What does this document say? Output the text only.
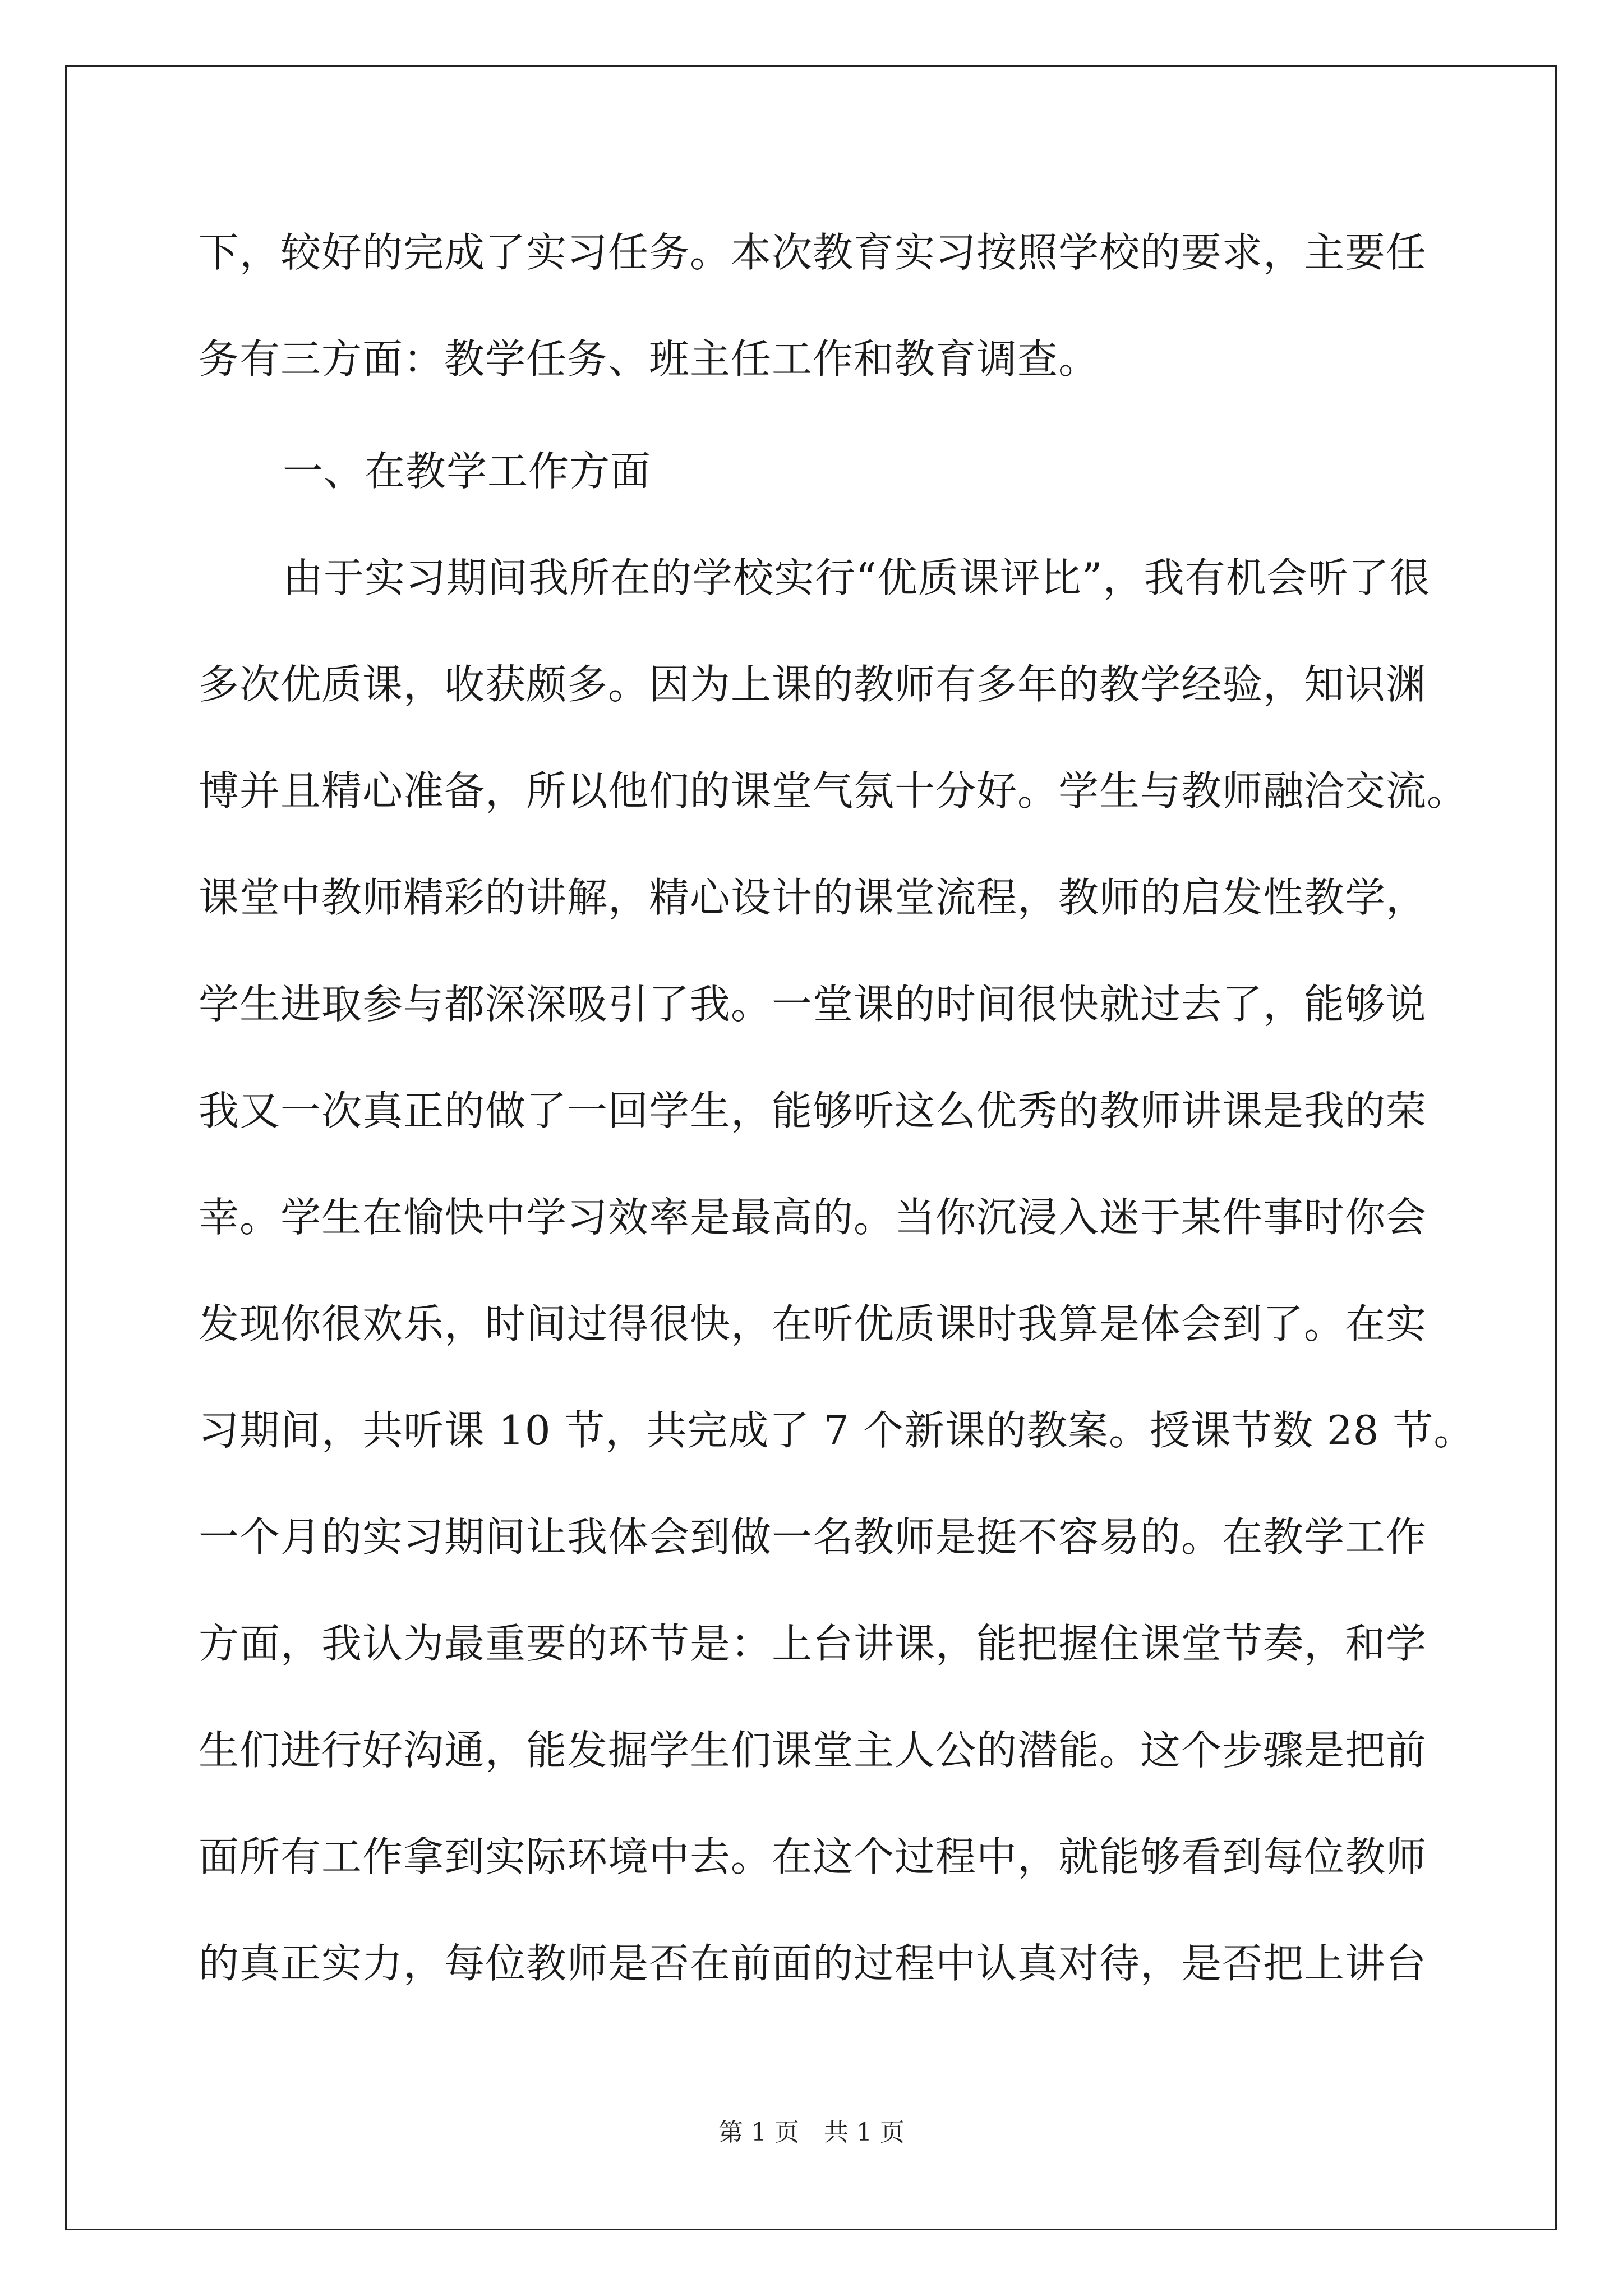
下，较好的完成了实习任务。本次教育实习按照学校的要求，主要任
务有三方面：教学任务、班主任工作和教育调查。
一、在教学工作方面
由于实习期间我所在的学校实行“优质课评比”，我有机会听了很
多次优质课，收获颇多。因为上课的教师有多年的教学经验，知识渊
博并且精心准备，所以他们的课堂气氛十分好。学生与教师融洽交流。
课堂中教师精彩的讲解，精心设计的课堂流程，教师的启发性教学，
学生进取参与都深深吸引了我。一堂课的时间很快就过去了，能够说
我又一次真正的做了一回学生，能够听这么优秀的教师讲课是我的荣
幸。学生在愉快中学习效率是最高的。当你沉浸入迷于某件事时你会
发现你很欢乐，时间过得很快，在听优质课时我算是体会到了。在实
习期间，共听课 10 节，共完成了 7 个新课的教案。授课节数 28 节。
一个月的实习期间让我体会到做一名教师是挺不容易的。在教学工作
方面，我认为最重要的环节是：上台讲课，能把握住课堂节奏，和学
生们进行好沟通，能发掘学生们课堂主人公的潜能。这个步骤是把前
面所有工作拿到实际环境中去。在这个过程中，就能够看到每位教师
的真正实力，每位教师是否在前面的过程中认真对待，是否把上讲台
第 1 页　共 1 页
